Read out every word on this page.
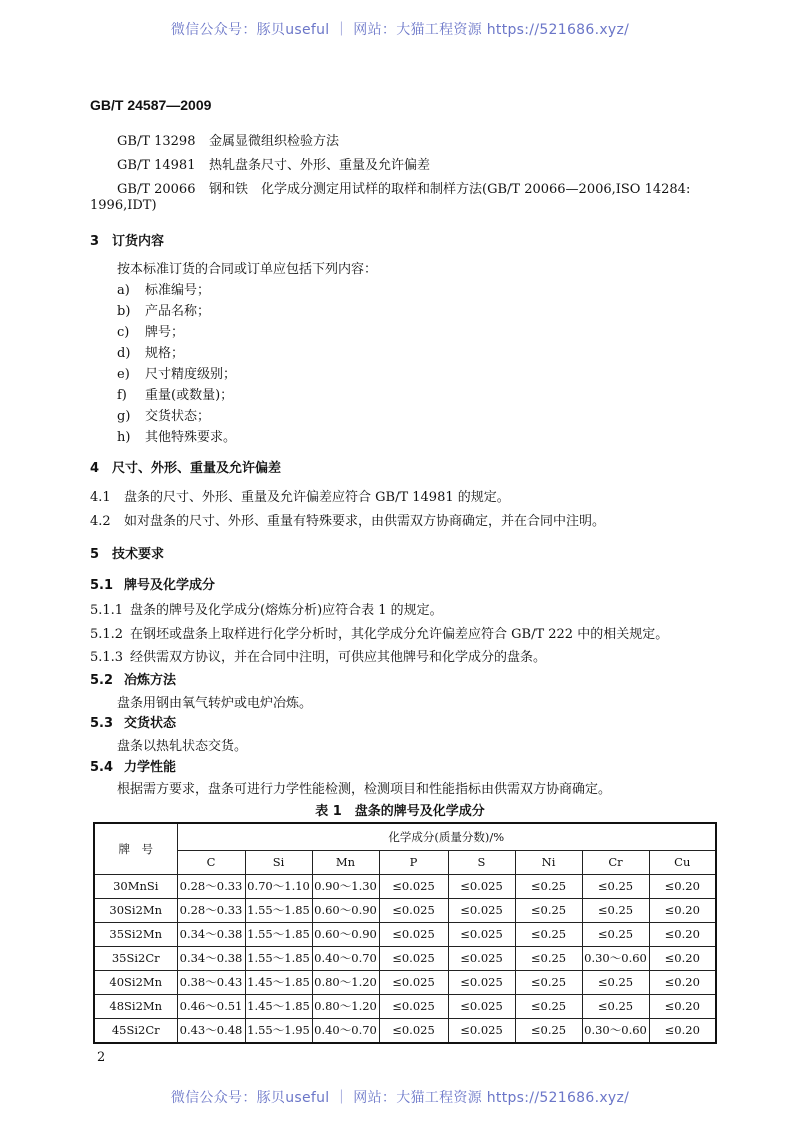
微信公众号：豚贝useful ｜ 网站：大猫工程资源 https://521686.xyz/
GB/T 24587—2009
GB/T 13298 金属显微组织检验方法
GB/T 14981 热轧盘条尺寸、外形、重量及允许偏差
GB/T 20066 钢和铁　化学成分测定用试样的取样和制样方法(GB/T 20066—2006,ISO 14284:
1996,IDT)
3　订货内容
按本标准订货的合同或订单应包括下列内容：
a) 标准编号；
b) 产品名称；
c) 牌号；
d) 规格；
e) 尺寸精度级别；
f) 重量(或数量)；
g) 交货状态；
h) 其他特殊要求。
4　尺寸、外形、重量及允许偏差
4.1 盘条的尺寸、外形、重量及允许偏差应符合 GB/T 14981 的规定。
4.2 如对盘条的尺寸、外形、重量有特殊要求，由供需双方协商确定，并在合同中注明。
5　技术要求
5.1 牌号及化学成分
5.1.1 盘条的牌号及化学成分(熔炼分析)应符合表 1 的规定。
5.1.2 在钢坯或盘条上取样进行化学分析时，其化学成分允许偏差应符合 GB/T 222 中的相关规定。
5.1.3 经供需双方协议，并在合同中注明，可供应其他牌号和化学成分的盘条。
5.2 冶炼方法
盘条用钢由氧气转炉或电炉冶炼。
5.3 交货状态
盘条以热轧状态交货。
5.4 力学性能
根据需方要求，盘条可进行力学性能检测，检测项目和性能指标由供需双方协商确定。
表 1　盘条的牌号及化学成分
牌　号	化学成分(质量分数)/%							
	C	Si	Mn	P	S	Ni	Cr	Cu
30MnSi	0.28～0.33	0.70～1.10	0.90～1.30	≤0.025	≤0.025	≤0.25	≤0.25	≤0.20
30Si2Mn	0.28～0.33	1.55～1.85	0.60～0.90	≤0.025	≤0.025	≤0.25	≤0.25	≤0.20
35Si2Mn	0.34～0.38	1.55～1.85	0.60～0.90	≤0.025	≤0.025	≤0.25	≤0.25	≤0.20
35Si2Cr	0.34～0.38	1.55～1.85	0.40～0.70	≤0.025	≤0.025	≤0.25	0.30～0.60	≤0.20
40Si2Mn	0.38～0.43	1.45～1.85	0.80～1.20	≤0.025	≤0.025	≤0.25	≤0.25	≤0.20
48Si2Mn	0.46～0.51	1.45～1.85	0.80～1.20	≤0.025	≤0.025	≤0.25	≤0.25	≤0.20
45Si2Cr	0.43～0.48	1.55～1.95	0.40～0.70	≤0.025	≤0.025	≤0.25	0.30～0.60	≤0.20
2
微信公众号：豚贝useful ｜ 网站：大猫工程资源 https://521686.xyz/
